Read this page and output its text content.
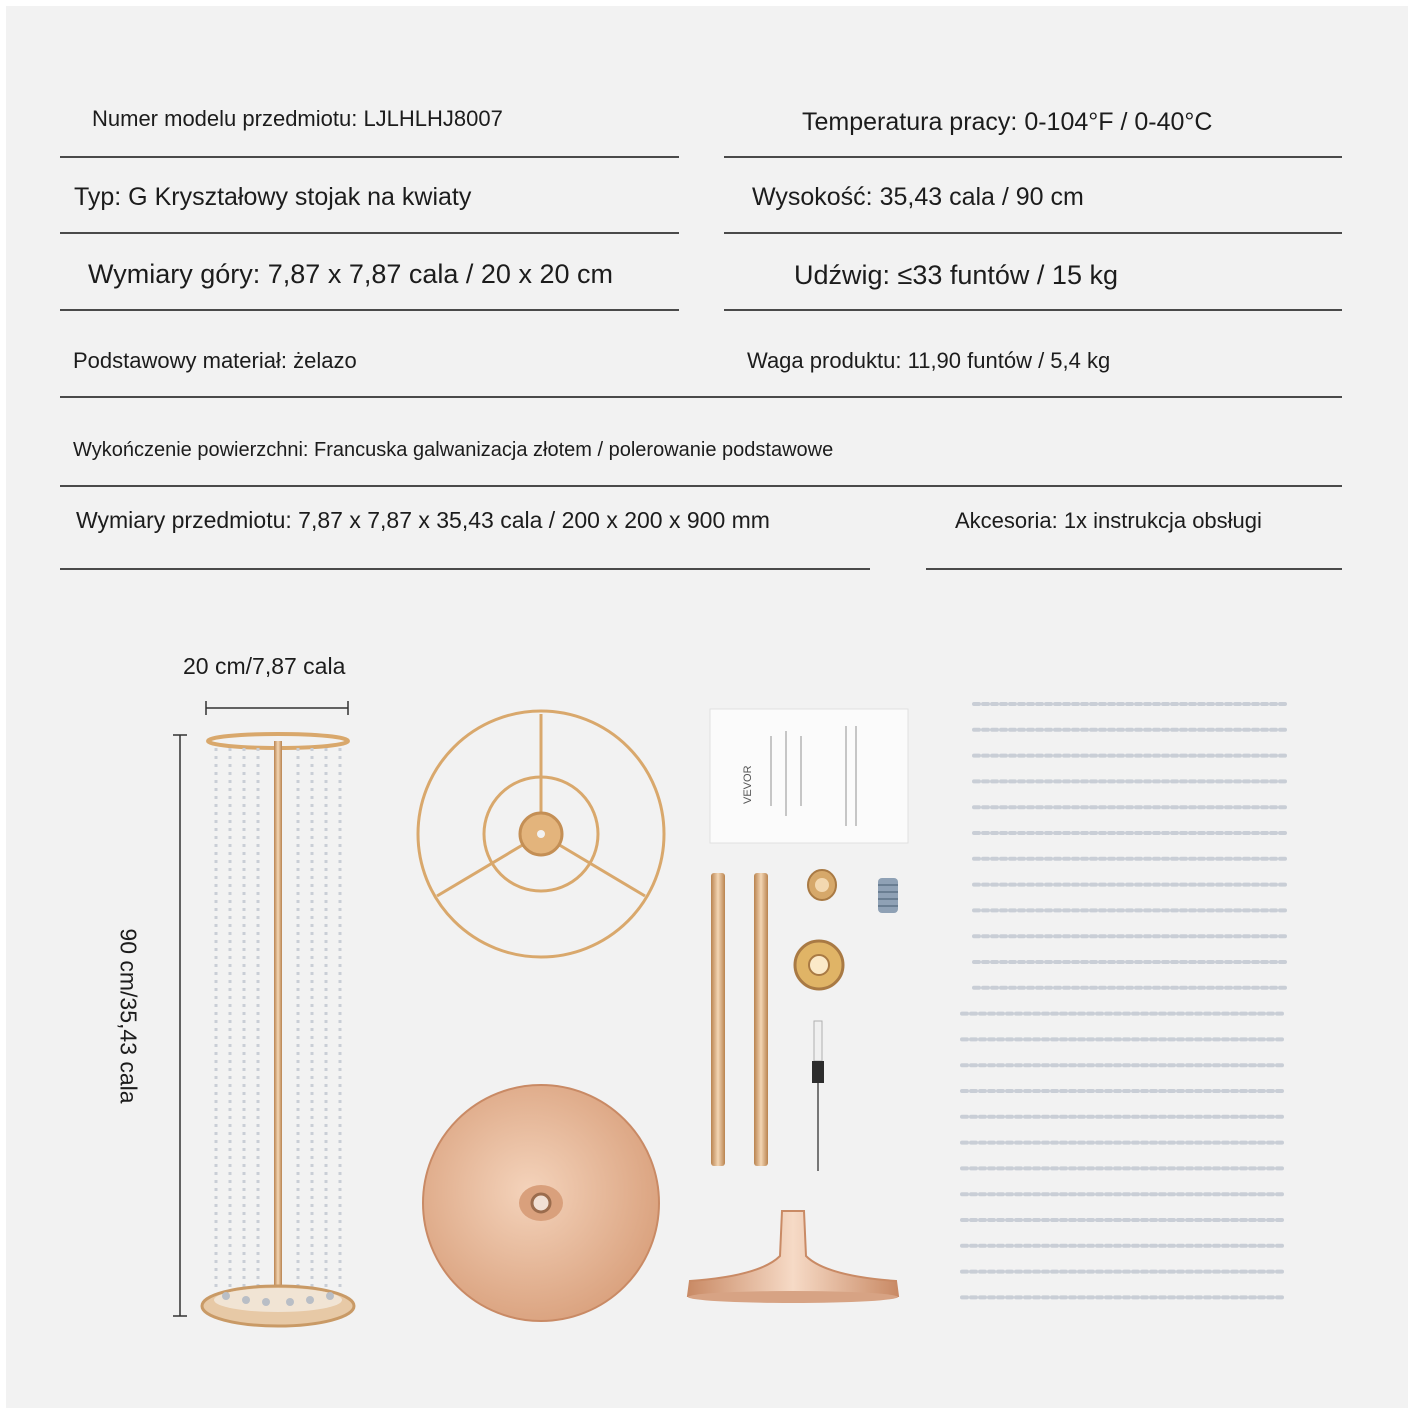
Numer modelu przedmiotu: LJLHLHJ8007	Temperatura pracy: 0-104°F / 0-40°C
Typ: G Kryształowy stojak na kwiaty	Wysokość: 35,43 cala / 90 cm
Wymiary góry: 7,87 x 7,87 cala / 20 x 20 cm	Udźwig: ≤33 funtów / 15 kg
Podstawowy materiał: żelazo	Waga produktu: 11,90 funtów / 5,4 kg
Wykończenie powierzchni: Francuska galwanizacja złotem / polerowanie podstawowe
Wymiary przedmiotu: 7,87 x 7,87 x 35,43 cala / 200 x 200 x 900 mm	Akcesoria: 1x instrukcja obsługi
20 cm/7,87 cala
90 cm/35,43 cala
VEVOR
